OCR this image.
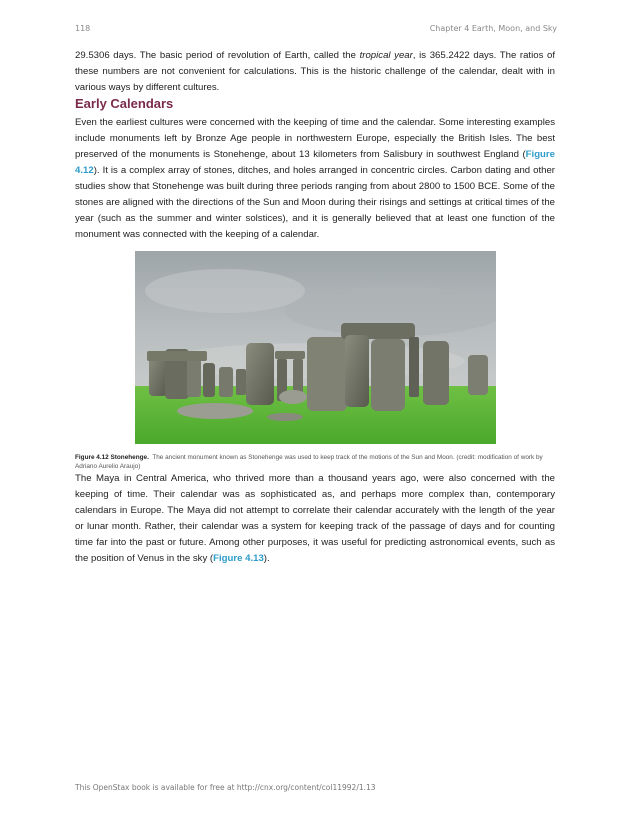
118	Chapter 4 Earth, Moon, and Sky

29.5306 days. The basic period of revolution of Earth, called the tropical year, is 365.2422 days. The ratios of these numbers are not convenient for calculations. This is the historic challenge of the calendar, dealt with in various ways by different cultures.

Early Calendars

Even the earliest cultures were concerned with the keeping of time and the calendar. Some interesting examples include monuments left by Bronze Age people in northwestern Europe, especially the British Isles. The best preserved of the monuments is Stonehenge, about 13 kilometers from Salisbury in southwest England (Figure 4.12). It is a complex array of stones, ditches, and holes arranged in concentric circles. Carbon dating and other studies show that Stonehenge was built during three periods ranging from about 2800 to 1500 BCE. Some of the stones are aligned with the directions of the Sun and Moon during their risings and settings at critical times of the year (such as the summer and winter solstices), and it is generally believed that at least one function of the monument was connected with the keeping of a calendar.

Figure 4.12 Stonehenge. The ancient monument known as Stonehenge was used to keep track of the motions of the Sun and Moon. (credit: modification of work by Adriano Aurelio Araujo)

The Maya in Central America, who thrived more than a thousand years ago, were also concerned with the keeping of time. Their calendar was as sophisticated as, and perhaps more complex than, contemporary calendars in Europe. The Maya did not attempt to correlate their calendar accurately with the length of the year or lunar month. Rather, their calendar was a system for keeping track of the passage of days and for counting time far into the past or future. Among other purposes, it was useful for predicting astronomical events, such as the position of Venus in the sky (Figure 4.13).

This OpenStax book is available for free at http://cnx.org/content/col11992/1.13
